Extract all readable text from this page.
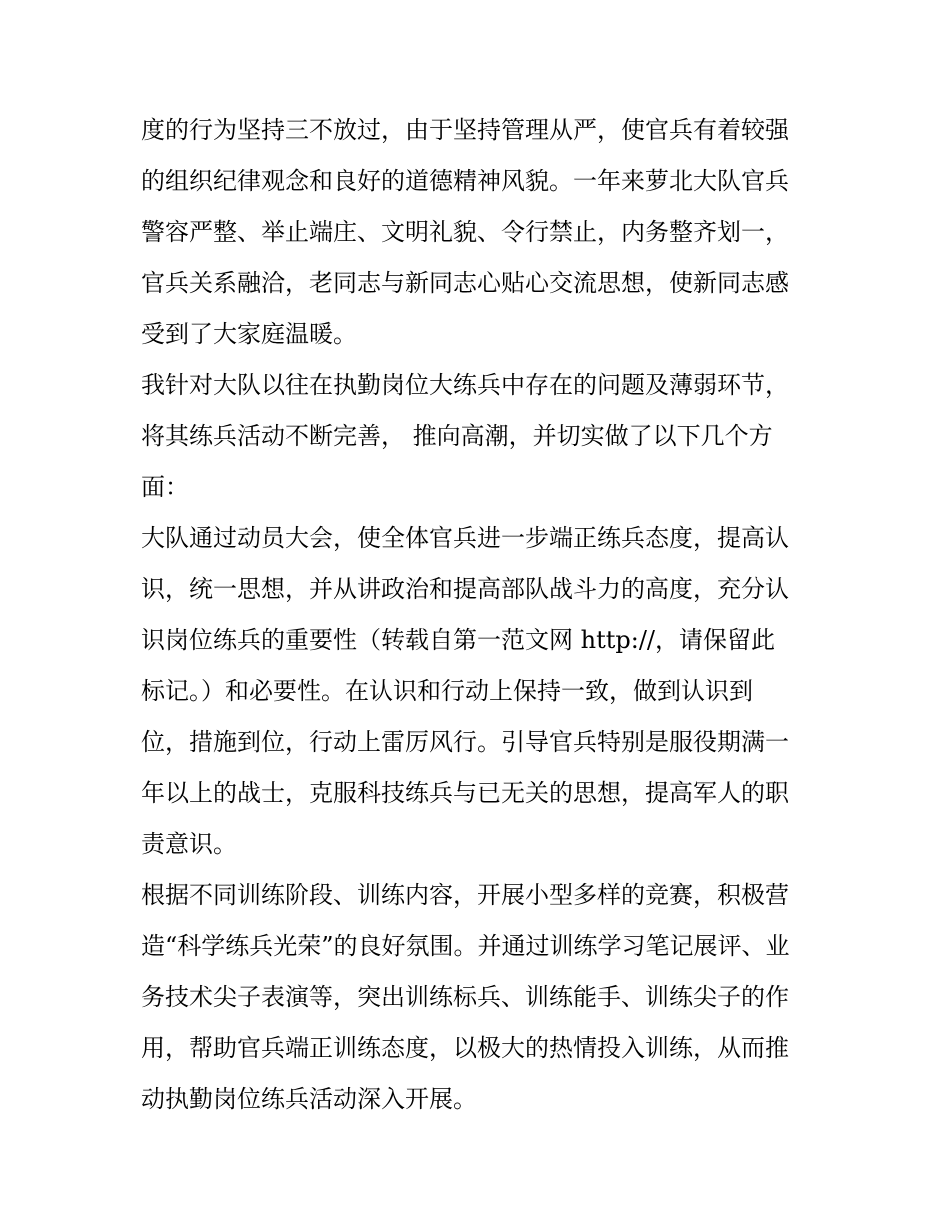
度的行为坚持三不放过，由于坚持管理从严，使官兵有着较强
的组织纪律观念和良好的道德精神风貌。一年来萝北大队官兵
警容严整、举止端庄、文明礼貌、令行禁止，内务整齐划一，
官兵关系融洽，老同志与新同志心贴心交流思想，使新同志感
受到了大家庭温暖。
我针对大队以往在执勤岗位大练兵中存在的问题及薄弱环节，
将其练兵活动不断完善， 推向高潮，并切实做了以下几个方
面：
大队通过动员大会，使全体官兵进一步端正练兵态度，提高认
识，统一思想，并从讲政治和提高部队战斗力的高度，充分认
识岗位练兵的重要性（转载自第一范文网 http://，请保留此
标记。）和必要性。在认识和行动上保持一致，做到认识到
位，措施到位，行动上雷厉风行。引导官兵特别是服役期满一
年以上的战士，克服科技练兵与已无关的思想，提高军人的职
责意识。
根据不同训练阶段、训练内容，开展小型多样的竞赛，积极营
造“科学练兵光荣”的良好氛围。并通过训练学习笔记展评、业
务技术尖子表演等，突出训练标兵、训练能手、训练尖子的作
用，帮助官兵端正训练态度，以极大的热情投入训练，从而推
动执勤岗位练兵活动深入开展。
